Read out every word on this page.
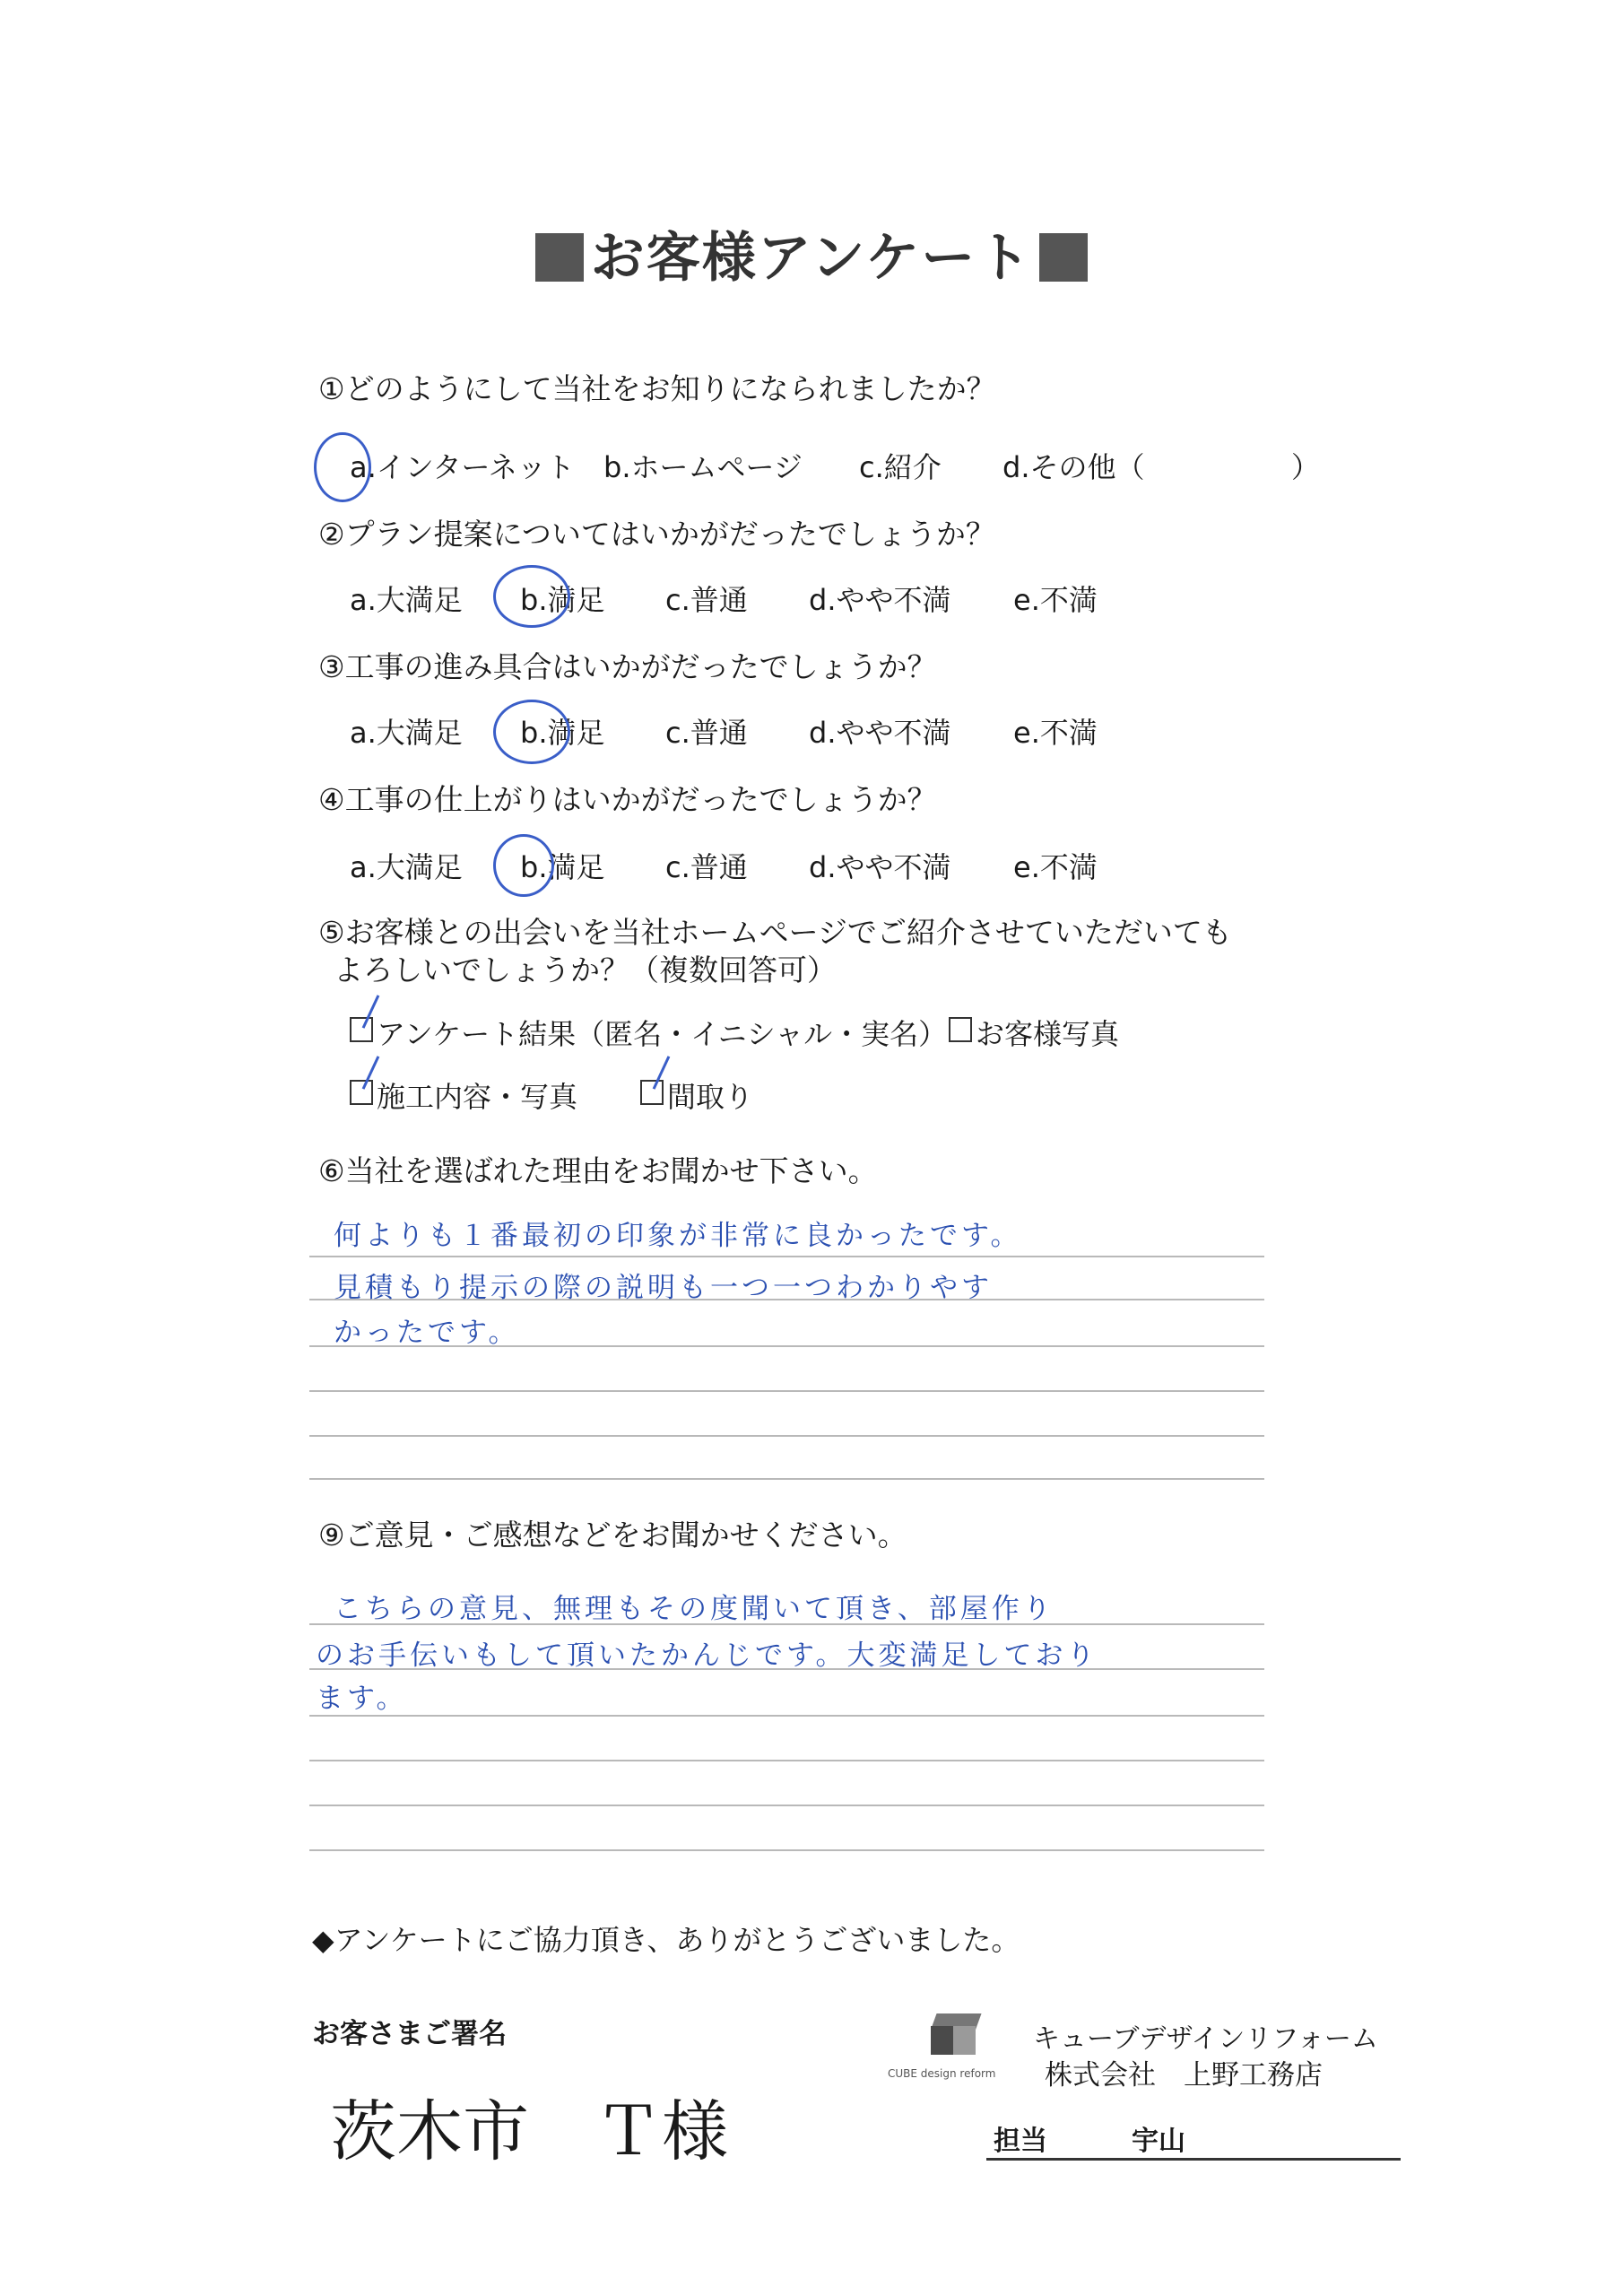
お客様アンケート
①どのようにして当社をお知りになられましたか？
a.インターネット b.ホームページ c.紹介 d.その他（	）
②プラン提案についてはいかがだったでしょうか？
a.大満足 b.満足 c.普通 d.やや不満 e.不満
③工事の進み具合はいかがだったでしょうか？
a.大満足 b.満足 c.普通 d.やや不満 e.不満
④工事の仕上がりはいかがだったでしょうか？
a.大満足 b.満足 c.普通 d.やや不満 e.不満
⑤お客様との出会いを当社ホームページでご紹介させていただいても
よろしいでしょうか？（複数回答可）
アンケート結果（匿名・イニシャル・実名） お客様写真
施工内容・写真	間取り
⑥当社を選ばれた理由をお聞かせ下さい。
何よりも１番最初の印象が非常に良かったです。
見積もり提示の際の説明も一つ一つわかりやす
かったです。
⑨ご意見・ご感想などをお聞かせください。
こちらの意見、無理もその度聞いて頂き、部屋作り
のお手伝いもして頂いたかんじです。大変満足しており
ます。
◆アンケートにご協力頂き、ありがとうございました。
お客さまご署名
茨木市　Ｔ様
CUBE design reform
キューブデザインリフォーム
株式会社　上野工務店
担当	宇山
